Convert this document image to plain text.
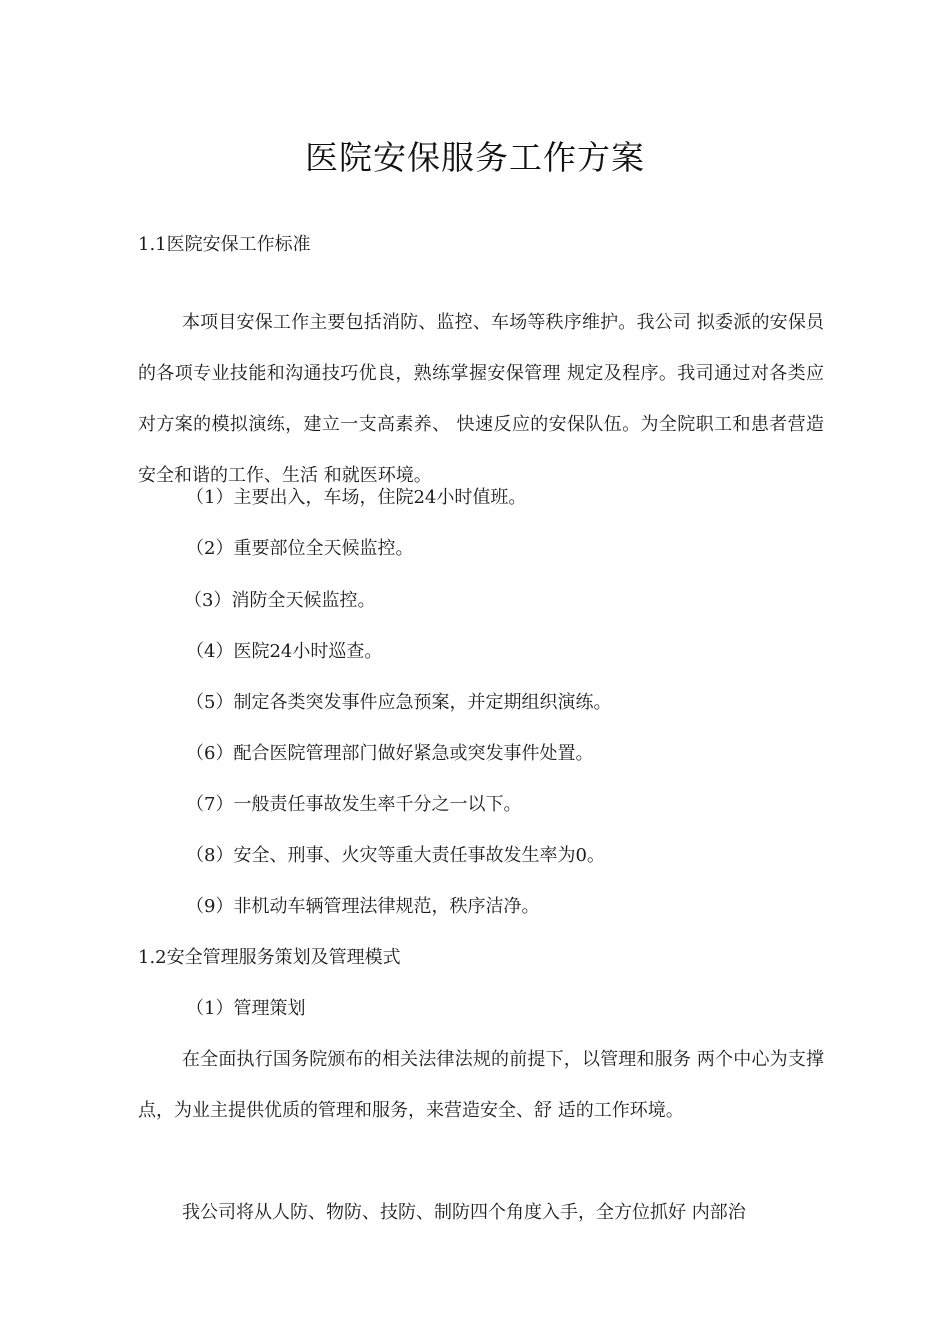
医院安保服务工作方案
1.1医院安保工作标准

本项目安保工作主要包括消防、监控、车场等秩序维护。我公司 拟委派的安保员的各项专业技能和沟通技巧优良，熟练掌握安保管理 规定及程序。我司通过对各类应对方案的模拟演练，建立一支高素养、 快速反应的安保队伍。为全院职工和患者营造安全和谐的工作、生活 和就医环境。

（1）主要出入，车场，住院24小时值班。
（2）重要部位全天候监控。
（3）消防全天候监控。
（4）医院24小时巡查。
（5）制定各类突发事件应急预案，并定期组织演练。
（6）配合医院管理部门做好紧急或突发事件处置。
（7）一般责任事故发生率千分之一以下。
（8）安全、刑事、火灾等重大责任事故发生率为0。
（9）非机动车辆管理法律规范，秩序洁净。
1.2安全管理服务策划及管理模式
（1）管理策划

在全面执行国务院颁布的相关法律法规的前提下，以管理和服务 两个中心为支撑点，为业主提供优质的管理和服务，来营造安全、舒 适的工作环境。

我公司将从人防、物防、技防、制防四个角度入手，全方位抓好 内部治
